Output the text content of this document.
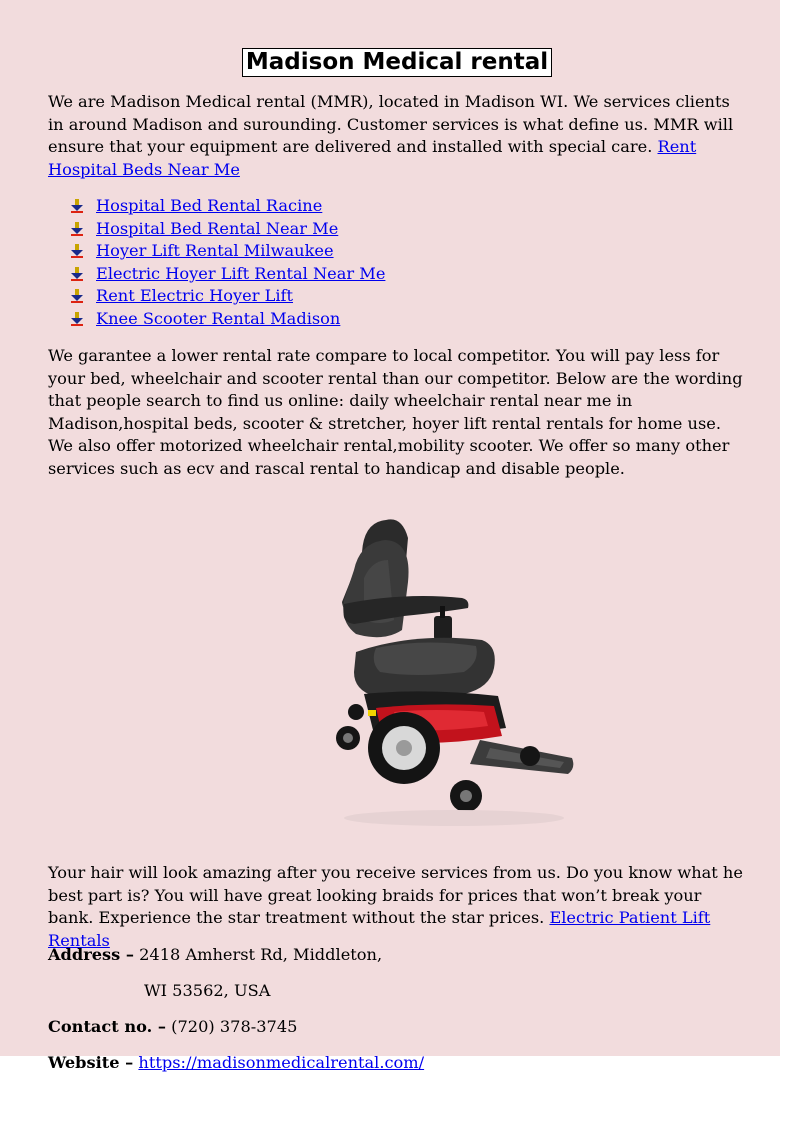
Madison Medical rental

We are Madison Medical rental (MMR), located in Madison WI. We services clients in around Madison and surounding. Customer services is what define us. MMR will ensure that your equipment are delivered and installed with special care. Rent Hospital Beds Near Me

Hospital Bed Rental Racine
Hospital Bed Rental Near Me
Hoyer Lift Rental Milwaukee
Electric Hoyer Lift Rental Near Me
Rent Electric Hoyer Lift
Knee Scooter Rental Madison

We garantee a lower rental rate compare to local competitor. You will pay less for your bed, wheelchair and scooter rental than our competitor. Below are the wording that people search to find us online: daily wheelchair rental near me in Madison,hospital beds, scooter & stretcher, hoyer lift rental rentals for home use. We also offer motorized wheelchair rental,mobility scooter. We offer so many other services such as ecv and rascal rental to handicap and disable people.

Your hair will look amazing after you receive services from us. Do you know what he best part is? You will have great looking braids for prices that won’t break your bank. Experience the star treatment without the star prices. Electric Patient Lift Rentals

Address – 2418 Amherst Rd, Middleton,

WI 53562, USA

Contact no. – (720) 378-3745

Website – https://madisonmedicalrental.com/
